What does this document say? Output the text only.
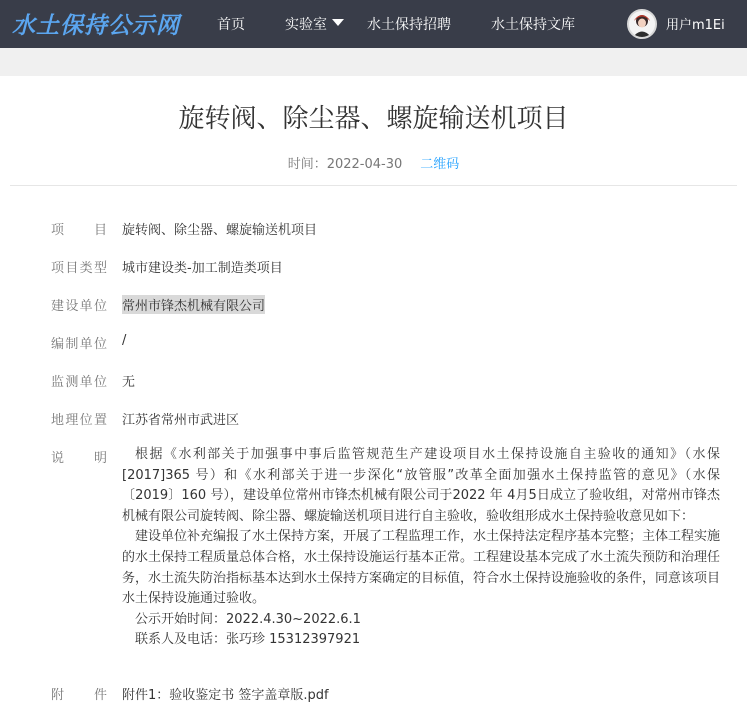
水土保持公示网	首页	实验室	水土保持招聘	水土保持文库	用户m1Ei
旋转阀、除尘器、螺旋输送机项目
时间：2022-04-30 二维码
项目 旋转阀、除尘器、螺旋输送机项目
项目类型 城市建设类-加工制造类项目
建设单位 常州市锋杰机械有限公司
编制单位 /
监测单位 无
地理位置 江苏省常州市武进区
说明	根据《水利部关于加强事中事后监管规范生产建设项目水土保持设施自主验收的通知》（水保[2017]365 号）和《水利部关于进一步深化“放管服”改革全面加强水土保持监管的意见》（水保〔2019〕160 号），建设单位常州市锋杰机械有限公司于2022 年 4月5日成立了验收组，对常州市锋杰机械有限公司旋转阀、除尘器、螺旋输送机项目进行自主验收，验收组形成水土保持验收意见如下：

建设单位补充编报了水土保持方案，开展了工程监理工作，水土保持法定程序基本完整；主体工程实施的水土保持工程质量总体合格，水土保持设施运行基本正常。工程建设基本完成了水土流失预防和治理任务，水土流失防治指标基本达到水土保持方案确定的目标值，符合水土保持设施验收的条件，同意该项目水土保持设施通过验收。

公示开始时间：2022.4.30~2022.6.1
联系人及电话：张巧珍 15312397921
附件 附件1：验收鉴定书 签字盖章版.pdf
